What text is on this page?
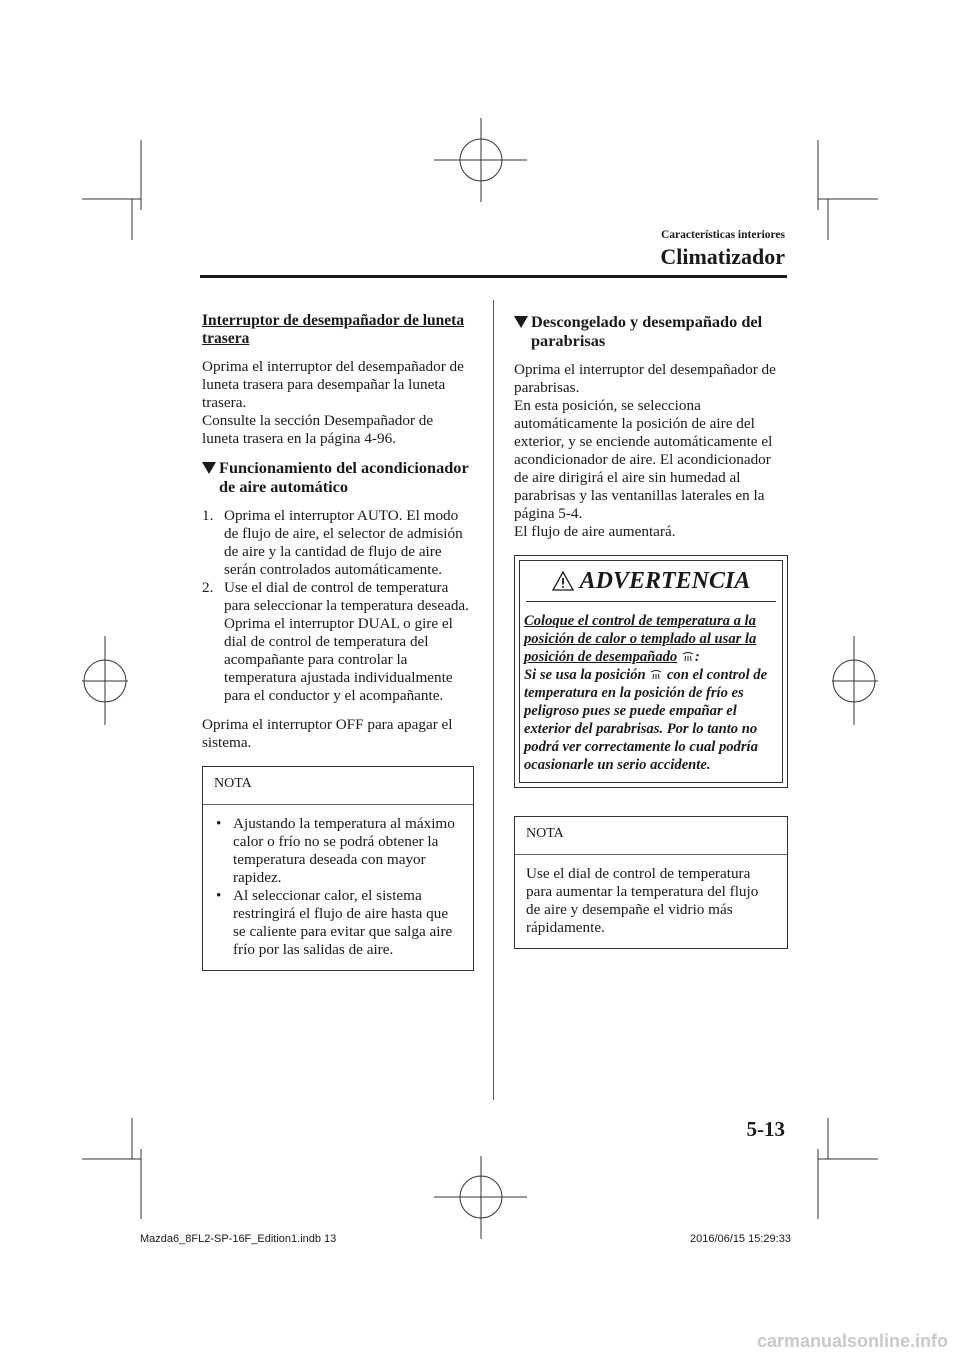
Características interiores
Climatizador
Interruptor de desempañador de luneta trasera

Oprima el interruptor del desempañador de luneta trasera para desempañar la luneta trasera.

Consulte la sección Desempañador de luneta trasera en la página 4-96.

Funcionamiento del acondicionador de aire automático
1. Oprima el interruptor AUTO. El modo de flujo de aire, el selector de admisión de aire y la cantidad de flujo de aire serán controlados automáticamente.
2. Use el dial de control de temperatura para seleccionar la temperatura deseada.
Oprima el interruptor DUAL o gire el dial de control de temperatura del acompañante para controlar la temperatura ajustada individualmente para el conductor y el acompañante.

Oprima el interruptor OFF para apagar el sistema.

NOTA
• Ajustando la temperatura al máximo calor o frío no se podrá obtener la temperatura deseada con mayor rapidez.
• Al seleccionar calor, el sistema restringirá el flujo de aire hasta que se caliente para evitar que salga aire frío por las salidas de aire.
Descongelado y desempañado del parabrisas

Oprima el interruptor del desempañador de parabrisas.

En esta posición, se selecciona automáticamente la posición de aire del exterior, y se enciende automáticamente el acondicionador de aire. El acondicionador de aire dirigirá el aire sin humedad al parabrisas y las ventanillas laterales en la página 5-4.

El flujo de aire aumentará.

ADVERTENCIA

Coloque el control de temperatura a la posición de calor o templado al usar la posición de desempañado :

Si se usa la posición con el control de temperatura en la posición de frío es peligroso pues se puede empañar el exterior del parabrisas. Por lo tanto no podrá ver correctamente lo cual podría ocasionarle un serio accidente.

NOTA

Use el dial de control de temperatura para aumentar la temperatura del flujo de aire y desempañe el vidrio más rápidamente.

5-13
Mazda6_8FL2-SP-16F_Edition1.indb 13	2016/06/15 15:29:33
carmanualsonline.info
